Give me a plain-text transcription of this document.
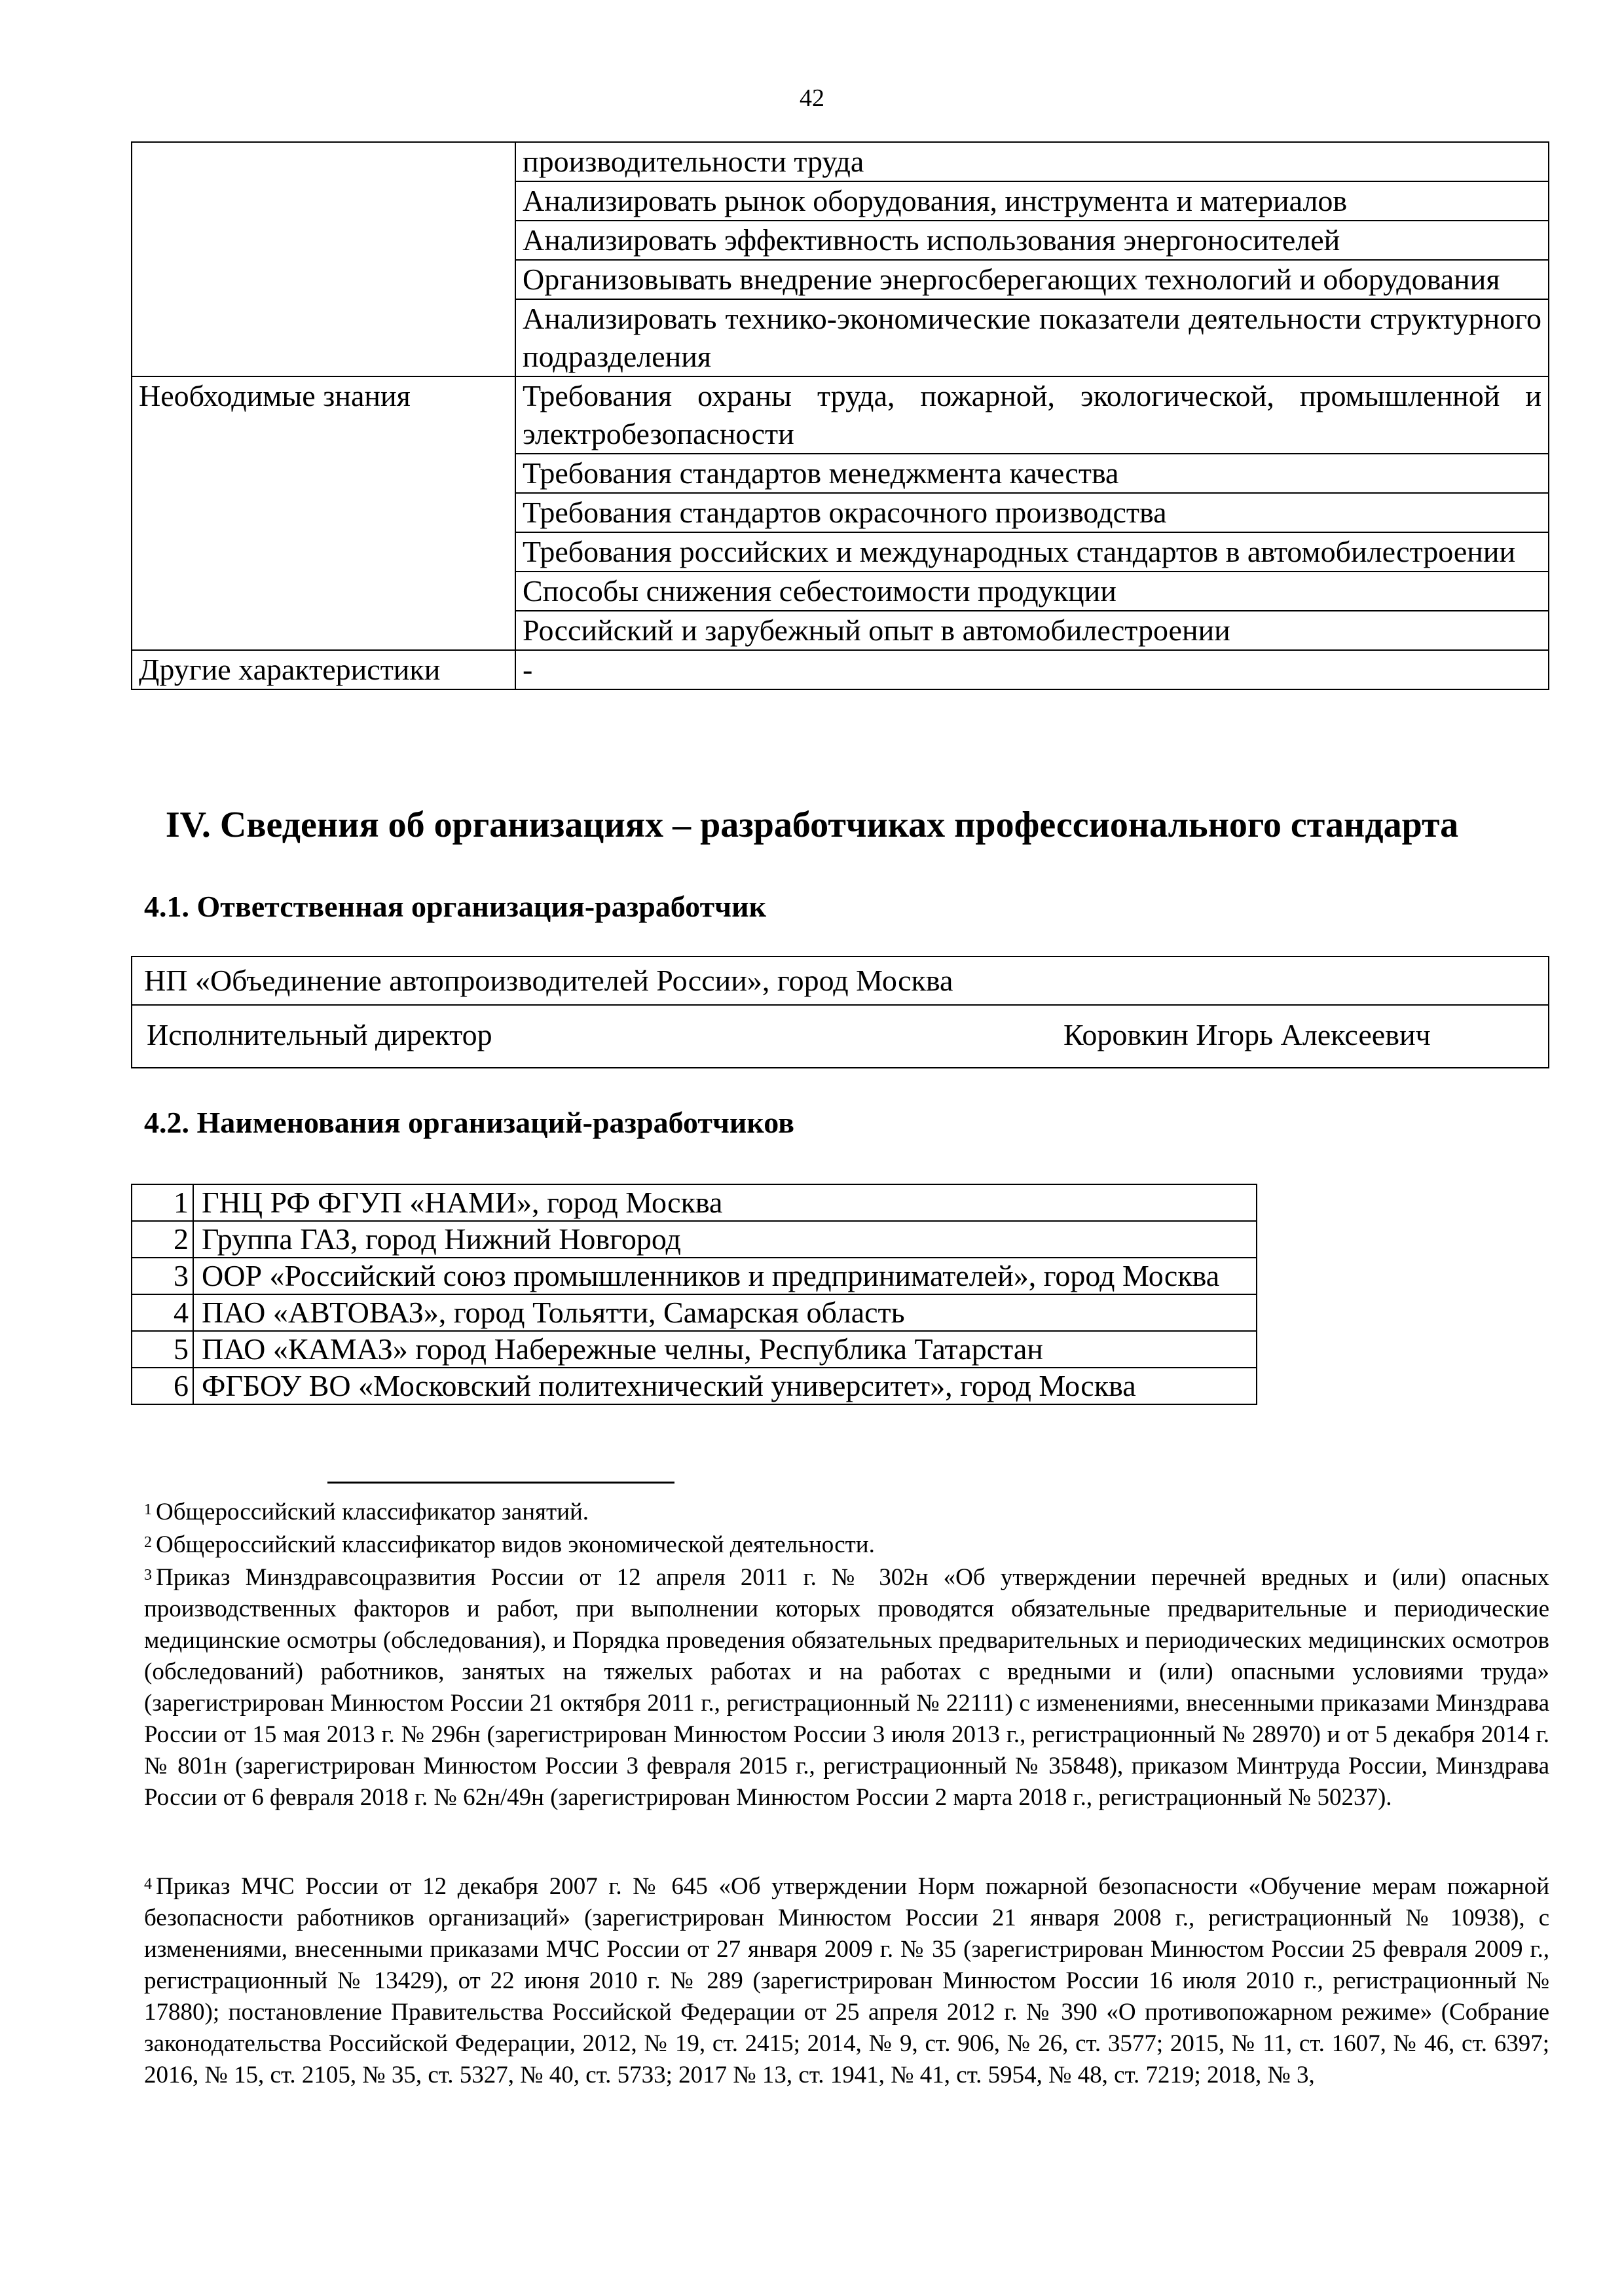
42
	производительности труда
	Анализировать рынок оборудования, инструмента и материалов
	Анализировать эффективность использования энергоносителей
	Организовывать внедрение энергосберегающих технологий и оборудования
	Анализировать технико-экономические показатели деятельности структурного подразделения
Необходимые знания	Требования охраны труда, пожарной, экологической, промышленной и электробезопасности
	Требования стандартов менеджмента качества
	Требования стандартов окрасочного производства
	Требования российских и международных стандартов в автомобилестроении
	Способы снижения себестоимости продукции
	Российский и зарубежный опыт в автомобилестроении
Другие характеристики	-
IV. Сведения об организациях – разработчиках профессионального стандарта
4.1. Ответственная организация-разработчик
НП «Объединение автопроизводителей России», город Москва
Исполнительный директор	Коровкин Игорь Алексеевич
4.2. Наименования организаций-разработчиков
1	ГНЦ РФ ФГУП «НАМИ», город Москва
2	Группа ГАЗ, город Нижний Новгород
3	ООР «Российский союз промышленников и предпринимателей», город Москва
4	ПАО «АВТОВАЗ», город Тольятти, Самарская область
5	ПАО «КАМАЗ» город Набережные челны, Республика Татарстан
6	ФГБОУ ВО «Московский политехнический университет», город Москва
$^1$ Общероссийский классификатор занятий.
$^2$ Общероссийский классификатор видов экономической деятельности.
$^3$ Приказ Минздравсоцразвития России от 12 апреля 2011 г. № 302н «Об утверждении перечней вредных и (или) опасных производственных факторов и работ, при выполнении которых проводятся обязательные предварительные и периодические медицинские осмотры (обследования), и Порядка проведения обязательных предварительных и периодических медицинских осмотров (обследований) работников, занятых на тяжелых работах и на работах с вредными и (или) опасными условиями труда» (зарегистрирован Минюстом России 21 октября 2011 г., регистрационный № 22111) с изменениями, внесенными приказами Минздрава России от 15 мая 2013 г. № 296н (зарегистрирован Минюстом России 3 июля 2013 г., регистрационный № 28970) и от 5 декабря 2014 г. № 801н (зарегистрирован Минюстом России 3 февраля 2015 г., регистрационный № 35848), приказом Минтруда России, Минздрава России от 6 февраля 2018 г. № 62н/49н (зарегистрирован Минюстом России 2 марта 2018 г., регистрационный № 50237).
$^4$ Приказ МЧС России от 12 декабря 2007 г. № 645 «Об утверждении Норм пожарной безопасности «Обучение мерам пожарной безопасности работников организаций» (зарегистрирован Минюстом России 21 января 2008 г., регистрационный № 10938), с изменениями, внесенными приказами МЧС России от 27 января 2009 г. № 35 (зарегистрирован Минюстом России 25 февраля 2009 г., регистрационный № 13429), от 22 июня 2010 г. № 289 (зарегистрирован Минюстом России 16 июля 2010 г., регистрационный № 17880); постановление Правительства Российской Федерации от 25 апреля 2012 г. № 390 «О противопожарном режиме» (Собрание законодательства Российской Федерации, 2012, № 19, ст. 2415; 2014, № 9, ст. 906, № 26, ст. 3577; 2015, № 11, ст. 1607, № 46, ст. 6397; 2016, № 15, ст. 2105, № 35, ст. 5327, № 40, ст. 5733; 2017 № 13, ст. 1941, № 41, ст. 5954, № 48, ст. 7219; 2018, № 3,
